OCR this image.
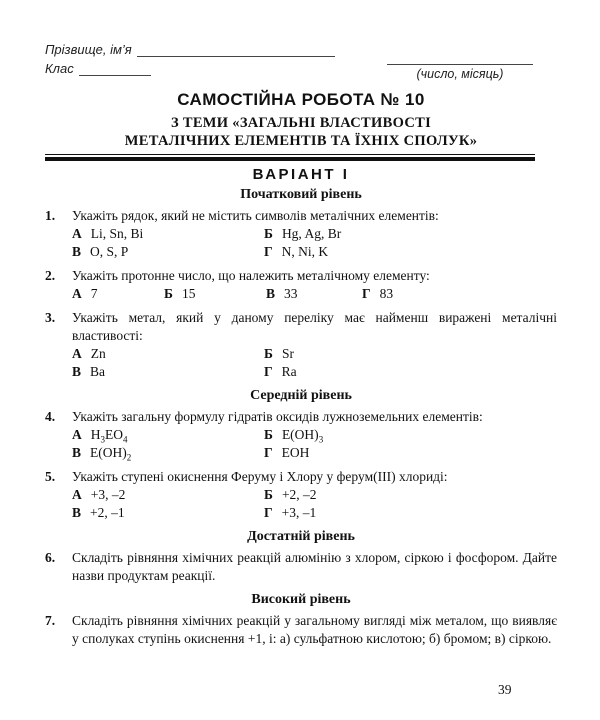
Прізвище, ім’я
Клас	(число, місяць)
САМОСТІЙНА РОБОТА № 10
З ТЕМИ «ЗАГАЛЬНІ ВЛАСТИВОСТІ
МЕТАЛІЧНИХ ЕЛЕМЕНТІВ ТА ЇХНІХ СПОЛУК»
ВАРІАНТ І
Початковий рівень
1. Укажіть рядок, який не містить символів металічних елементів:
А Li, Sn, Bi	Б Hg, Ag, Br
В O, S, P	Г N, Ni, K
2. Укажіть протонне число, що належить металічному елементу:
А 7	Б 15	В 33	Г 83
3. Укажіть метал, який у даному переліку має найменш виражені металічні властивості:
А Zn	Б Sr
В Ba	Г Ra
Середній рівень
4. Укажіть загальну формулу гідратів оксидів лужноземельних елементів:
А $H_3EO_4$	Б $Е(ОН)_3$
В $Е(ОН)_2$	Г ЕОН
5. Укажіть ступені окиснення Феруму і Хлору у ферум(III) хлориді:
А +3, –2	Б +2, –2
В +2, –1	Г +3, –1
Достатній рівень
6. Складіть рівняння хімічних реакцій алюмінію з хлором, сіркою і фосфором. Дайте назви продуктам реакції.
Високий рівень
7. Складіть рівняння хімічних реакцій у загальному вигляді між металом, що виявляє у сполуках ступінь окиснення +1, і: а) сульфатною кислотою; б) бромом; в) сіркою.
39
